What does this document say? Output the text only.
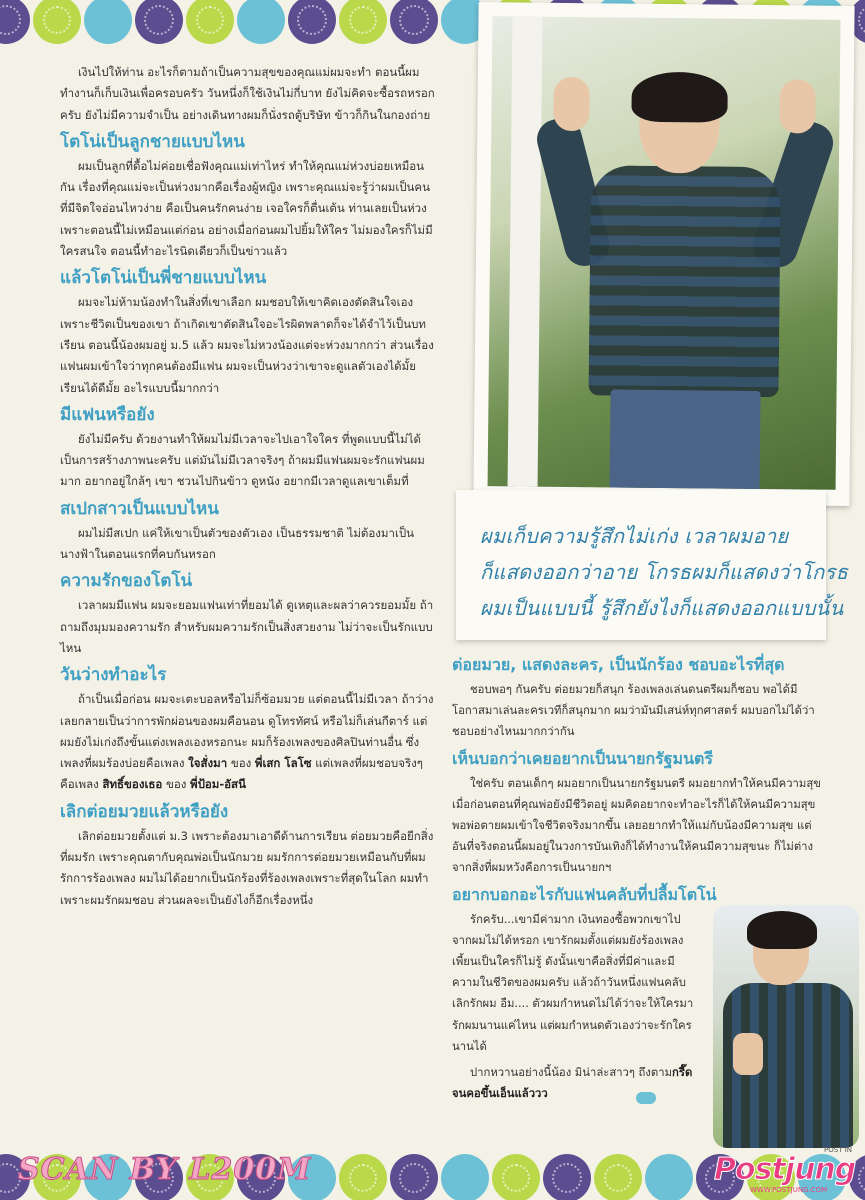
เงินไปให้ท่าน อะไรก็ตามถ้าเป็นความสุขของคุณแม่ผมจะทำ ตอนนี้ผมทำงานก็เก็บเงินเพื่อครอบครัว วันหนึ่งก็ใช้เงินไม่กี่บาท ยังไม่คิดจะซื้อรถหรอกครับ ยังไม่มีความจำเป็น อย่างเดินทางผมก็นั่งรถตู้บริษัท ข้าวก็กินในกองถ่าย

โตโน่เป็นลูกชายแบบไหน

ผมเป็นลูกที่ดื้อไม่ค่อยเชื่อฟังคุณแม่เท่าไหร่ ทำให้คุณแม่ห่วงบ่อยเหมือนกัน เรื่องที่คุณแม่จะเป็นห่วงมากคือเรื่องผู้หญิง เพราะคุณแม่จะรู้ว่าผมเป็นคนที่มีจิตใจอ่อนไหวง่าย คือเป็นคนรักคนง่าย เจอใครก็ตื่นเต้น ท่านเลยเป็นห่วง เพราะตอนนี้ไม่เหมือนแต่ก่อน อย่างเมื่อก่อนผมไปยิ้มให้ใคร ไม่มองใครก็ไม่มีใครสนใจ ตอนนี้ทำอะไรนิดเดียวก็เป็นข่าวแล้ว

แล้วโตโน่เป็นพี่ชายแบบไหน

ผมจะไม่ห้ามน้องทำในสิ่งที่เขาเลือก ผมชอบให้เขาคิดเองตัดสินใจเอง เพราะชีวิตเป็นของเขา ถ้าเกิดเขาตัดสินใจอะไรผิดพลาดก็จะได้จำไว้เป็นบทเรียน ตอนนี้น้องผมอยู่ ม.5 แล้ว ผมจะไม่หวงน้องแต่จะห่วงมากกว่า ส่วนเรื่องแฟนผมเข้าใจว่าทุกคนต้องมีแฟน ผมจะเป็นห่วงว่าเขาจะดูแลตัวเองได้มั้ย เรียนได้ดีมั้ย อะไรแบบนี้มากกว่า

มีแฟนหรือยัง

ยังไม่มีครับ ด้วยงานทำให้ผมไม่มีเวลาจะไปเอาใจใคร ที่พูดแบบนี้ไม่ได้เป็นการสร้างภาพนะครับ แต่มันไม่มีเวลาจริงๆ ถ้าผมมีแฟนผมจะรักแฟนผมมาก อยากอยู่ใกล้ๆ เขา ชวนไปกินข้าว ดูหนัง อยากมีเวลาดูแลเขาเต็มที่

สเปกสาวเป็นแบบไหน

ผมไม่มีสเปก แค่ให้เขาเป็นตัวของตัวเอง เป็นธรรมชาติ ไม่ต้องมาเป็นนางฟ้าในตอนแรกที่คบกันหรอก

ความรักของโตโน่

เวลาผมมีแฟน ผมจะยอมแฟนเท่าที่ยอมได้ ดูเหตุและผลว่าควรยอมมั้ย ถ้าถามถึงมุมมองความรัก สำหรับผมความรักเป็นสิ่งสวยงาม ไม่ว่าจะเป็นรักแบบไหน

วันว่างทำอะไร

ถ้าเป็นเมื่อก่อน ผมจะเตะบอลหรือไม่ก็ซ้อมมวย แต่ตอนนี้ไม่มีเวลา ถ้าว่างเลยกลายเป็นว่าการพักผ่อนของผมคือนอน ดูโทรทัศน์ หรือไม่ก็เล่นกีตาร์ แต่ผมยังไม่เก่งถึงขั้นแต่งเพลงเองหรอกนะ ผมก็ร้องเพลงของศิลปินท่านอื่น ซึ่งเพลงที่ผมร้องบ่อยคือเพลง ใจสั่งมา ของ พี่เสก โลโซ แต่เพลงที่ผมชอบจริงๆ คือเพลง สิทธิ์ของเธอ ของ พี่ป้อม-อัสนี

เลิกต่อยมวยแล้วหรือยัง

เลิกต่อยมวยตั้งแต่ ม.3 เพราะต้องมาเอาดีด้านการเรียน ต่อยมวยคือยีกสิ่งที่ผมรัก เพราะคุณตากับคุณพ่อเป็นนักมวย ผมรักการต่อยมวยเหมือนกับที่ผมรักการร้องเพลง ผมไม่ได้อยากเป็นนักร้องที่ร้องเพลงเพราะที่สุดในโลก ผมทำเพราะผมรักผมชอบ ส่วนผลจะเป็นยังไงก็อีกเรื่องหนึ่ง

ผมเก็บความรู้สึกไม่เก่ง เวลาผมอาย
ก็แสดงออกว่าอาย โกรธผมก็แสดงว่าโกรธ
ผมเป็นแบบนี้ รู้สึกยังไงก็แสดงออกแบบนั้น
ต่อยมวย, แสดงละคร, เป็นนักร้อง ชอบอะไรที่สุด

ชอบพอๆ กันครับ ต่อยมวยก็สนุก ร้องเพลงเล่นดนตรีผมก็ชอบ พอได้มีโอกาสมาเล่นละครเวทีก็สนุกมาก ผมว่ามันมีเสน่ห์ทุกศาสตร์ ผมบอกไม่ได้ว่าชอบอย่างไหนมากกว่ากัน

เห็นบอกว่าเคยอยากเป็นนายกรัฐมนตรี

ใช่ครับ ตอนเด็กๆ ผมอยากเป็นนายกรัฐมนตรี ผมอยากทำให้คนมีความสุข เมื่อก่อนตอนที่คุณพ่อยังมีชีวิตอยู่ ผมคิดอยากจะทำอะไรก็ได้ให้คนมีความสุข พอพ่อตายผมเข้าใจชีวิตจริงมากขึ้น เลยอยากทำให้แม่กับน้องมีความสุข แต่อันที่จริงตอนนี้ผมอยู่ในวงการบันเทิงก็ได้ทำงานให้คนมีความสุขนะ ก็ไม่ต่างจากสิ่งที่ผมหวังคือการเป็นนายกฯ

อยากบอกอะไรกับแฟนคลับที่ปลื้มโตโน่

รักครับ...เขามีค่ามาก เงินทองซื้อพวกเขาไปจากผมไม่ได้หรอก เขารักผมตั้งแต่ผมยังร้องเพลงเพี้ยนเป็นใครก็ไม่รู้ ดังนั้นเขาคือสิ่งที่มีค่าและมีความในชีวิตของผมครับ แล้วถ้าวันหนึ่งแฟนคลับเลิกรักผม อืม.... ตัวผมกำหนดไม่ได้ว่าจะให้ใครมารักผมนานแค่ไหน แต่ผมกำหนดตัวเองว่าจะรักใครนานได้

ปากหวานอย่างนี้น้อง มิน่าล่ะสาวๆ ถึงตามกรี๊ดจนคอขึ้นเอ็นแล้ววว

SCAN BY L200M
POST IN
Postjung
WWW.POSTJUNG.COM
